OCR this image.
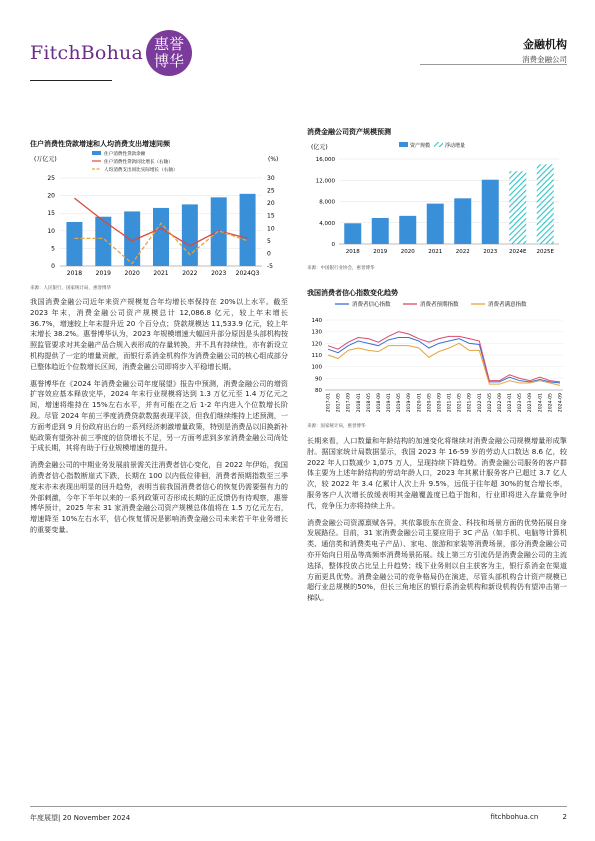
FitchBohua 惠誉
博华
金融机构
消费金融公司
住户消费性贷款增速和人均消费支出增速同频
(万亿元)	(%)
0
5
10
15
20
25
-5
0
5
10
15
20
25
30
2018 2019 2020 2021 2022 2023 2024Q3
住户消费性贷款余额
住户消费性贷款同比增长（右轴）
人均消费支出同比实际增长（右轴）
来源：人民银行，国家统计局，惠誉博华
消费金融公司资产规模预测
(亿元)	资产规模	浮动增量
0
4,000
8,000
12,000
16,000
2018 2019 2020 2021 2022 2023 2024E 2025E
来源：中国银行业协会，惠誉博华
我国消费者信心指数变化趋势
消费者信心指数	消费者预期指数	消费者满意指数
80
90
100
110
120
130
140
2017-01 2017-05 2017-09 2018-01 2018-05 2018-09 2019-01 2019-05 2019-09 2020-01 2020-05 2020-09 2021-01 2021-05 2021-09 2022-01 2022-05 2022-09 2023-01 2023-05 2023-09 2024-01 2024-05 2024-09
来源：国家统计局，惠誉博华

我国消费金融公司近年来资产规模复合年均增长率保持在 20%以上水平。截至 2023 年末，消费金融公司资产规模总计 12,086.8 亿元，较上年末增长 36.7%，增速较上年末提升近 20 个百分点；贷款规模达 11,533.9 亿元，较上年末增长 38.2%。惠誉博华认为，2023 年规模增速大幅回升部分原因是头部机构按照监管要求对其金融产品合规入表形成的存量转换，并不具有持续性，亦有新设立机构提供了一定的增量贡献，而银行系消金机构作为消费金融公司的核心组成部分已整体趋近个位数增长区间，消费金融公司即将步入平稳增长期。

惠誉博华在《2024 年消费金融公司年度展望》报告中预测，消费金融公司的增资扩容效应基本释放完毕，2024 年末行业规模将达到 1.3 万亿元至 1.4 万亿元之间，增速将维持在 15%左右水平，并有可能在之后 1-2 年内进入个位数增长阶段。尽管 2024 年前三季度消费贷款数据表现平淡，但我们继续维持上述预测，一方面考虑到 9 月份政府出台的一系列经济刺激增量政策，特别是消费品以旧换新补贴政策有望弥补前三季度的信贷增长不足，另一方面考虑到多家消费金融公司尚处于成长期，其将有助于行业规模增速的提升。

消费金融公司的中期业务发展前景需关注消费者信心变化，自 2022 年伊始，我国消费者信心指数断崖式下跌，长期在 100 以内低位徘徊，消费者预期指数至三季度末亦未表现出明显的回升趋势，表明当前我国消费者信心的恢复仍需要强有力的外部刺激，今年下半年以来的一系列政策可否形成长期的正反馈仍有待观察，惠誉博华预计，2025 年末 31 家消费金融公司资产规模总体值将在 1.5 万亿元左右，增速降至 10%左右水平，信心恢复情况是影响消费金融公司未来若干年业务增长的重要变量。

长期来看，人口数量和年龄结构的加速变化将继续对消费金融公司规模增量形成掣肘。据国家统计局数据显示，我国 2023 年 16-59 岁的劳动人口数达 8.6 亿，较 2022 年人口数减少 1,075 万人，呈现持续下降趋势。消费金融公司服务的客户群体主要为上述年龄结构的劳动年龄人口，2023 年其累计服务客户已超过 3.7 亿人次，较 2022 年 3.4 亿累计人次上升 9.5%，远低于往年超 30%的复合增长率，服务客户人次增长放缓表明其金融覆盖度已趋于饱和，行业即将进入存量竞争时代，竞争压力亦将持续上升。

消费金融公司资源禀赋各异，其依靠股东在资金、科技和场景方面的优势拓展自身发展路径。目前，31 家消费金融公司主要应用于 3C 产品（如手机、电脑等计算机类、通信类和消费类电子产品）、家电、旅游和家装等消费场景，部分消费金融公司亦开始向日用品等高频率消费场景拓展。线上第三方引流仍是消费金融公司的主流选择，整体投放占比呈上升趋势；线下业务则以自主获客为主，银行系消金在渠道方面更具优势。消费金融公司的竞争格局仍在演进，尽管头部机构合计资产规模已超行业总规模的50%，但长三角地区的银行系消金机构和新设机构仍有望冲击第一梯队。

年度展望| 20 November 2024	fitchbohua.cn	2
